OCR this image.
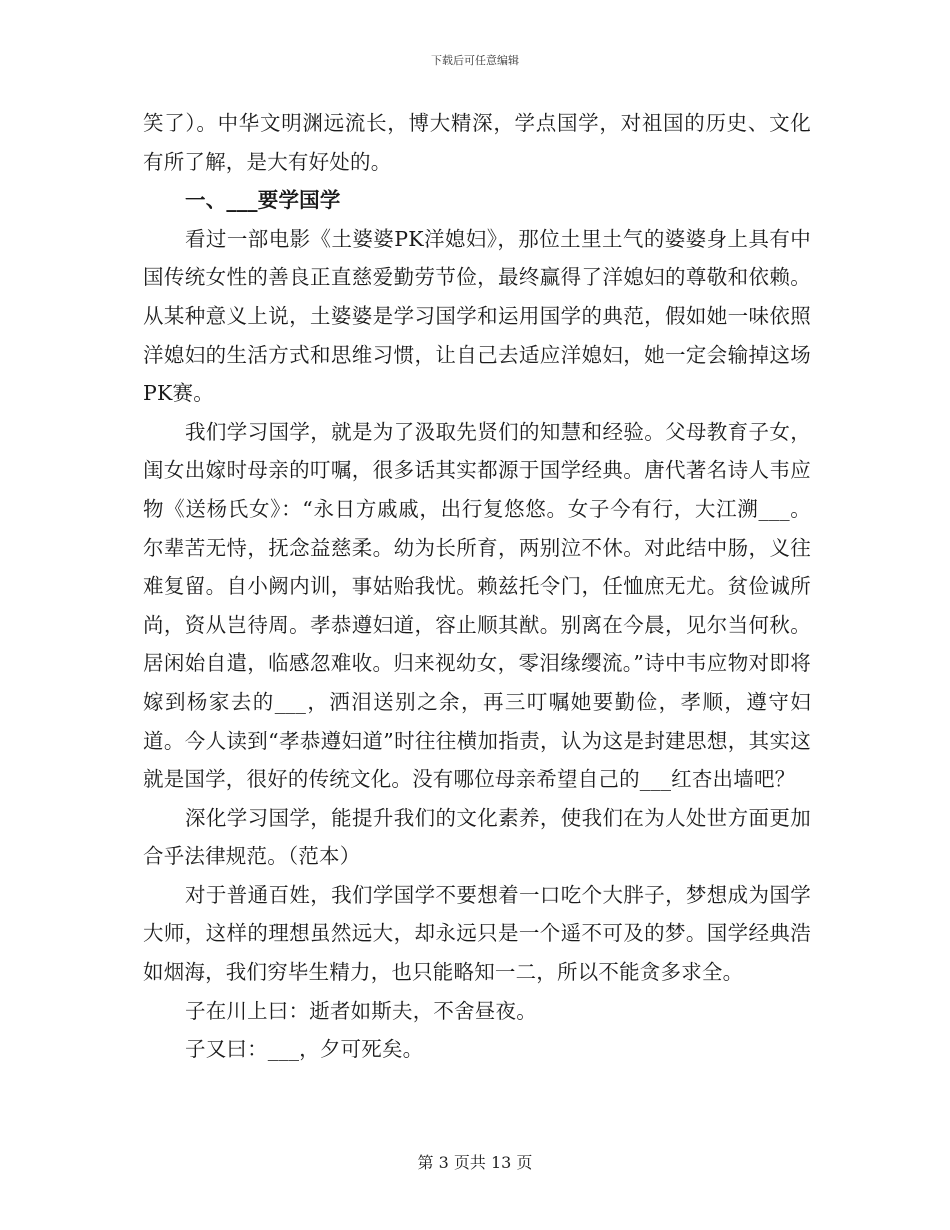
下载后可任意编辑

笑了）。中华文明渊远流长，博大精深，学点国学，对祖国的历史、文化有所了解，是大有好处的。

一、___要学国学

看过一部电影《土婆婆PK洋媳妇》，那位土里土气的婆婆身上具有中国传统女性的善良正直慈爱勤劳节俭，最终赢得了洋媳妇的尊敬和依赖。从某种意义上说，土婆婆是学习国学和运用国学的典范，假如她一味依照洋媳妇的生活方式和思维习惯，让自己去适应洋媳妇，她一定会输掉这场PK赛。

我们学习国学，就是为了汲取先贤们的知慧和经验。父母教育子女，闺女出嫁时母亲的叮嘱，很多话其实都源于国学经典。唐代著名诗人韦应物《送杨氏女》：“永日方戚戚，出行复悠悠。女子今有行，大江溯___。尔辈苦无恃，抚念益慈柔。幼为长所育，两别泣不休。对此结中肠，义往难复留。自小阙内训，事姑贻我忧。赖兹托令门，任恤庶无尤。贫俭诚所尚，资从岂待周。孝恭遵妇道，容止顺其猷。别离在今晨，见尔当何秋。居闲始自遣，临感忽难收。归来视幼女，零泪缘缨流。”诗中韦应物对即将嫁到杨家去的___，洒泪送别之余，再三叮嘱她要勤俭，孝顺，遵守妇道。今人读到“孝恭遵妇道”时往往横加指责，认为这是封建思想，其实这就是国学，很好的传统文化。没有哪位母亲希望自己的___红杏出墙吧？

深化学习国学，能提升我们的文化素养，使我们在为人处世方面更加合乎法律规范。（范本）

对于普通百姓，我们学国学不要想着一口吃个大胖子，梦想成为国学大师，这样的理想虽然远大，却永远只是一个遥不可及的梦。国学经典浩如烟海，我们穷毕生精力，也只能略知一二，所以不能贪多求全。

子在川上曰：逝者如斯夫，不舍昼夜。

子又曰：___，夕可死矣。

第 3 页共 13 页
